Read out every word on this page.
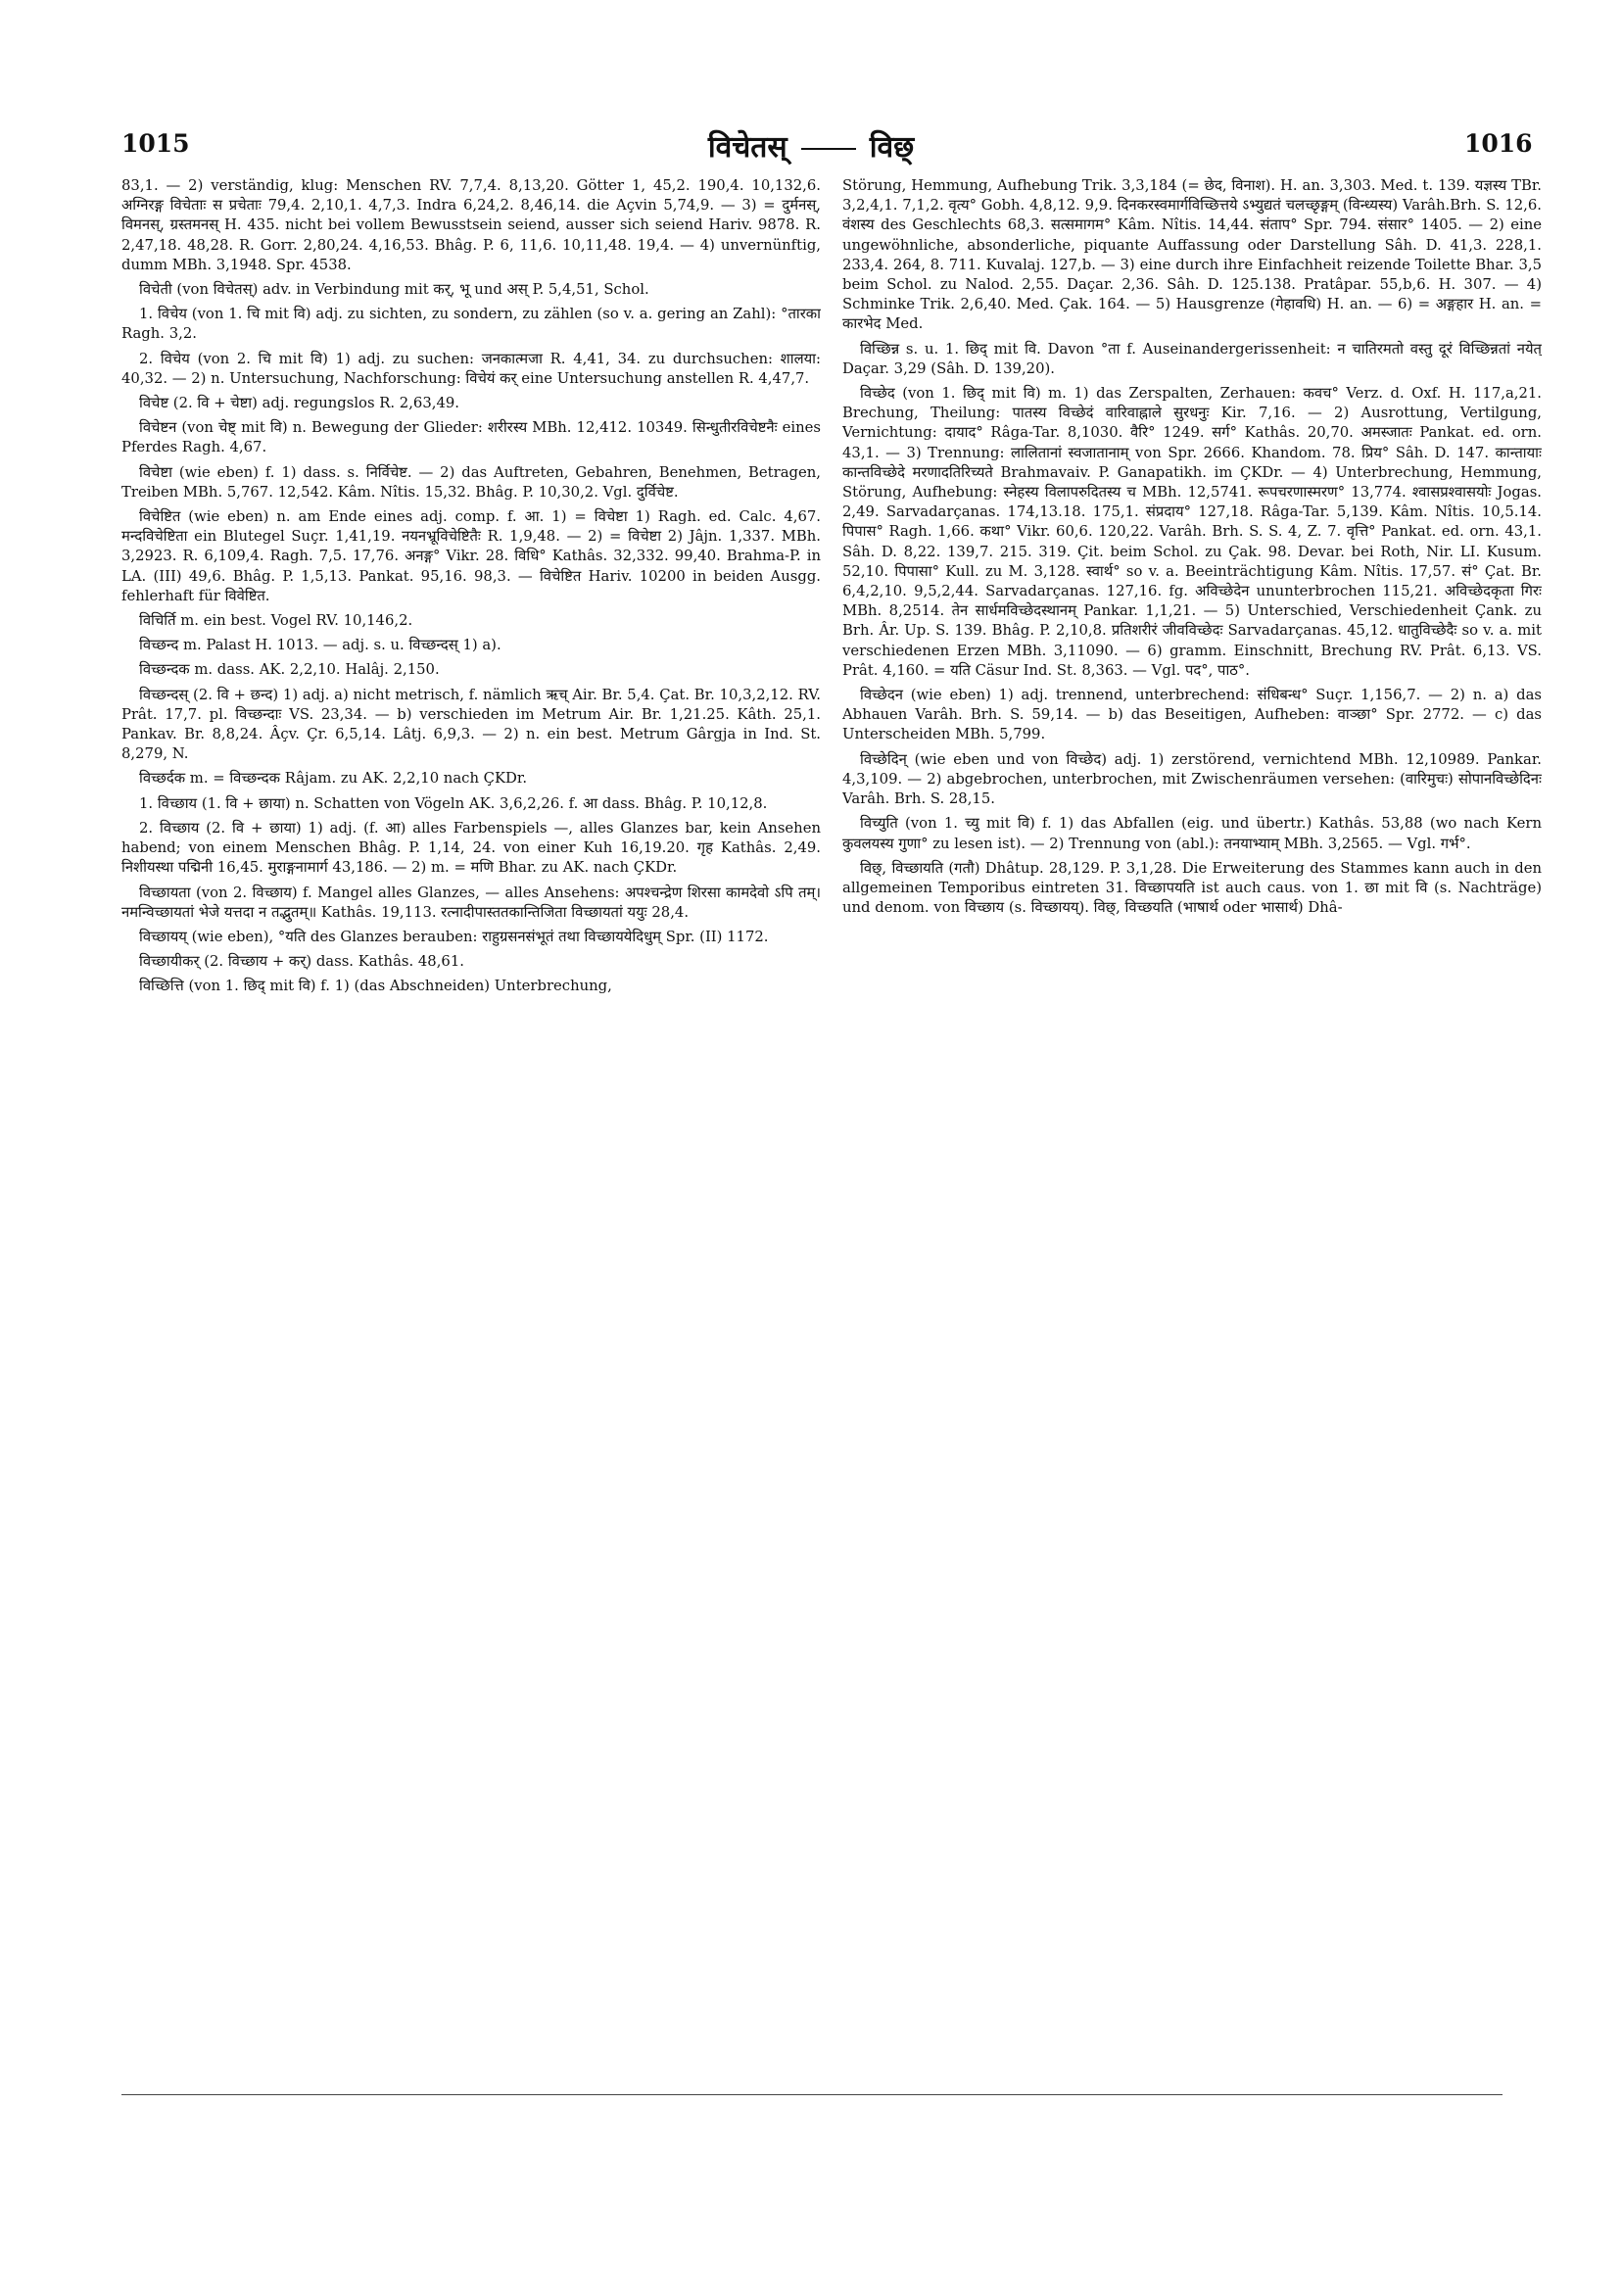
1015	विचेतस्	विछ्	1016

83,1. — 2) verständig, klug: Menschen RV. 7,7,4. 8,13,20. Götter 1, 45,2. 190,4. 10,132,6. अग्निरङ्ग विचेताः स प्रचेताः 79,4. 2,10,1. 4,7,3. Indra 6,24,2. 8,46,14. die Açvin 5,74,9. — 3) = दुर्मनस्, विमनस्, ग्रस्तमनस् H. 435. nicht bei vollem Bewusstsein seiend, ausser sich seiend Hariv. 9878. R. 2,47,18. 48,28. R. Gorr. 2,80,24. 4,16,53. Bhâg. P. 6, 11,6. 10,11,48. 19,4. — 4) unvernünftig, dumm MBh. 3,1948. Spr. 4538.

विचेती (von विचेतस्) adv. in Verbindung mit कर्, भू und अस् P. 5,4,51, Schol.

1. विचेय (von 1. चि mit वि) adj. zu sichten, zu sondern, zu zählen (so v. a. gering an Zahl): °तारका Ragh. 3,2.

2. विचेय (von 2. चि mit वि) 1) adj. zu suchen: जनकात्मजा R. 4,41, 34. zu durchsuchen: शालया: 40,32. — 2) n. Untersuchung, Nachforschung: विचेयं कर् eine Untersuchung anstellen R. 4,47,7.

विचेष्ट (2. वि + चेष्टा) adj. regungslos R. 2,63,49.

विचेष्टन (von चेष्ट् mit वि) n. Bewegung der Glieder: शरीरस्य MBh. 12,412. 10349. सिन्धुतीरविचेष्टनैः eines Pferdes Ragh. 4,67.

विचेष्टा (wie eben) f. 1) dass. s. निर्विचेष्ट. — 2) das Auftreten, Gebahren, Benehmen, Betragen, Treiben MBh. 5,767. 12,542. Kâm. Nîtis. 15,32. Bhâg. P. 10,30,2. Vgl. दुर्विचेष्ट.

विचेष्टित (wie eben) n. am Ende eines adj. comp. f. आ. 1) = विचेष्टा 1) Ragh. ed. Calc. 4,67. मन्दविचेष्टिता ein Blutegel Suçr. 1,41,19. नयनभ्रूविचेष्टितैः R. 1,9,48. — 2) = विचेष्टा 2) Jâjn. 1,337. MBh. 3,2923. R. 6,109,4. Ragh. 7,5. 17,76. अनङ्ग° Vikr. 28. विधि° Kathâs. 32,332. 99,40. Brahma-P. in LA. (III) 49,6. Bhâg. P. 1,5,13. Pankat. 95,16. 98,3. — विचेष्टित Hariv. 10200 in beiden Ausgg. fehlerhaft für विवेष्टित.

विचिर्ति m. ein best. Vogel RV. 10,146,2.

विच्छन्द m. Palast H. 1013. — adj. s. u. विच्छन्दस् 1) a).

विच्छन्दक m. dass. AK. 2,2,10. Halâj. 2,150.

विच्छन्दस् (2. वि + छन्द) 1) adj. a) nicht metrisch, f. nämlich ऋच् Air. Br. 5,4. Çat. Br. 10,3,2,12. RV. Prât. 17,7. pl. विच्छन्दाः VS. 23,34. — b) verschieden im Metrum Air. Br. 1,21.25. Kâth. 25,1. Pankav. Br. 8,8,24. Âçv. Çr. 6,5,14. Lâtj. 6,9,3. — 2) n. ein best. Metrum Gârgja in Ind. St. 8,279, N.

विच्छर्दक m. = विच्छन्दक Râjam. zu AK. 2,2,10 nach ÇKDr.

1. विच्छाय (1. वि + छाया) n. Schatten von Vögeln AK. 3,6,2,26. f. आ dass. Bhâg. P. 10,12,8.

2. विच्छाय (2. वि + छाया) 1) adj. (f. आ) alles Farbenspiels —, alles Glanzes bar, kein Ansehen habend; von einem Menschen Bhâg. P. 1,14, 24. von einer Kuh 16,19.20. गृह Kathâs. 2,49. निशीयस्था पद्मिनी 16,45. मुराङ्गनामार्ग 43,186. — 2) m. = मणि Bhar. zu AK. nach ÇKDr.

विच्छायता (von 2. विच्छाय) f. Mangel alles Glanzes, — alles Ansehens: अपश्चन्द्रेण शिरसा कामदेवो ऽपि तम्। नमन्विच्छायतां भेजे यत्तदा न तद्भुतम्॥ Kathâs. 19,113. रत्नादीपास्ततकान्तिजिता विच्छायतां ययुः 28,4.

विच्छायय् (wie eben), °यति des Glanzes berauben: राहुग्रसनसंभूतं तथा विच्छाययेदिधुम् Spr. (II) 1172.

विच्छायीकर् (2. विच्छाय + कर्) dass. Kathâs. 48,61.

विच्छित्ति (von 1. छिद् mit वि) f. 1) (das Abschneiden) Unterbrechung,

Störung, Hemmung, Aufhebung Trik. 3,3,184 (= छेद, विनाश). H. an. 3,303. Med. t. 139. यज्ञस्य TBr. 3,2,4,1. 7,1,2. वृत्य° Gobh. 4,8,12. 9,9. दिनकरस्वमार्गविच्छित्तये ऽभ्युद्यतं चलच्छृङ्गम् (विन्ध्यस्य) Varâh.Brh. S. 12,6. वंशस्य des Geschlechts 68,3. सत्समागम° Kâm. Nîtis. 14,44. संताप° Spr. 794. संसार° 1405. — 2) eine ungewöhnliche, absonderliche, piquante Auffassung oder Darstellung Sâh. D. 41,3. 228,1. 233,4. 264, 8. 711. Kuvalaj. 127,b. — 3) eine durch ihre Einfachheit reizende Toilette Bhar. 3,5 beim Schol. zu Nalod. 2,55. Daçar. 2,36. Sâh. D. 125.138. Pratâpar. 55,b,6. H. 307. — 4) Schminke Trik. 2,6,40. Med. Çak. 164. — 5) Hausgrenze (गेहावधि) H. an. — 6) = अङ्गहार H. an. = कारभेद Med.

विच्छिन्न s. u. 1. छिद् mit वि. Davon °ता f. Auseinandergerissenheit: न चातिरमतो वस्तु दूरं विच्छिन्नतां नयेत् Daçar. 3,29 (Sâh. D. 139,20).

विच्छेद (von 1. छिद् mit वि) m. 1) das Zerspalten, Zerhauen: कवच° Verz. d. Oxf. H. 117,a,21. Brechung, Theilung: पातस्य विच्छेदं वारिवाह्नाले सुरधनुः Kir. 7,16. — 2) Ausrottung, Vertilgung, Vernichtung: दायाद° Râga-Tar. 8,1030. वैरि° 1249. सर्ग° Kathâs. 20,70. अमस्जातः Pankat. ed. orn. 43,1. — 3) Trennung: लालितानां स्वजातानाम् von Spr. 2666. Khandom. 78. प्रिय° Sâh. D. 147. कान्तायाः कान्तविच्छेदे मरणादतिरिच्यते Brahmavaiv. P. Ganapatikh. im ÇKDr. — 4) Unterbrechung, Hemmung, Störung, Aufhebung: स्नेहस्य विलापरुदितस्य च MBh. 12,5741. रूपचरणास्मरण° 13,774. श्वासप्रश्वासयोः Jogas. 2,49. Sarvadarçanas. 174,13.18. 175,1. संप्रदाय° 127,18. Râga-Tar. 5,139. Kâm. Nîtis. 10,5.14. पिपास° Ragh. 1,66. कथा° Vikr. 60,6. 120,22. Varâh. Brh. S. S. 4, Z. 7. वृत्ति° Pankat. ed. orn. 43,1. Sâh. D. 8,22. 139,7. 215. 319. Çit. beim Schol. zu Çak. 98. Devar. bei Roth, Nir. LI. Kusum. 52,10. पिपासा° Kull. zu M. 3,128. स्वार्थ° so v. a. Beeinträchtigung Kâm. Nîtis. 17,57. सं° Çat. Br. 6,4,2,10. 9,5,2,44. Sarvadarçanas. 127,16. fg. अविच्छेदेन ununterbrochen 115,21. अविच्छेदकृता गिरः MBh. 8,2514. तेन सार्धमविच्छेदस्थानम् Pankar. 1,1,21. — 5) Unterschied, Verschiedenheit Çank. zu Brh. Âr. Up. S. 139. Bhâg. P. 2,10,8. प्रतिशरीरं जीवविच्छेदः Sarvadarçanas. 45,12. धातुविच्छेदैः so v. a. mit verschiedenen Erzen MBh. 3,11090. — 6) gramm. Einschnitt, Brechung RV. Prât. 6,13. VS. Prât. 4,160. = यति Cäsur Ind. St. 8,363. — Vgl. पद°, पाठ°.

विच्छेदन (wie eben) 1) adj. trennend, unterbrechend: संधिबन्ध° Suçr. 1,156,7. — 2) n. a) das Abhauen Varâh. Brh. S. 59,14. — b) das Beseitigen, Aufheben: वाञ्छा° Spr. 2772. — c) das Unterscheiden MBh. 5,799.

विच्छेदिन् (wie eben und von विच्छेद) adj. 1) zerstörend, vernichtend MBh. 12,10989. Pankar. 4,3,109. — 2) abgebrochen, unterbrochen, mit Zwischenräumen versehen: (वारिमुचः) सोपानविच्छेदिनः Varâh. Brh. S. 28,15.

विच्युति (von 1. च्यु mit वि) f. 1) das Abfallen (eig. und übertr.) Kathâs. 53,88 (wo nach Kern कुवलयस्य गुणा° zu lesen ist). — 2) Trennung von (abl.): तनयाभ्याम् MBh. 3,2565. — Vgl. गर्भ°.

विछ्, विच्छायति (गतौ) Dhâtup. 28,129. P. 3,1,28. Die Erweiterung des Stammes kann auch in den allgemeinen Temporibus eintreten 31. विच्छापयति ist auch caus. von 1. छा mit वि (s. Nachträge) und denom. von विच्छाय (s. विच्छायय्). विछ्, विच्छयति (भाषार्थ oder भासार्थ) Dhâ-
